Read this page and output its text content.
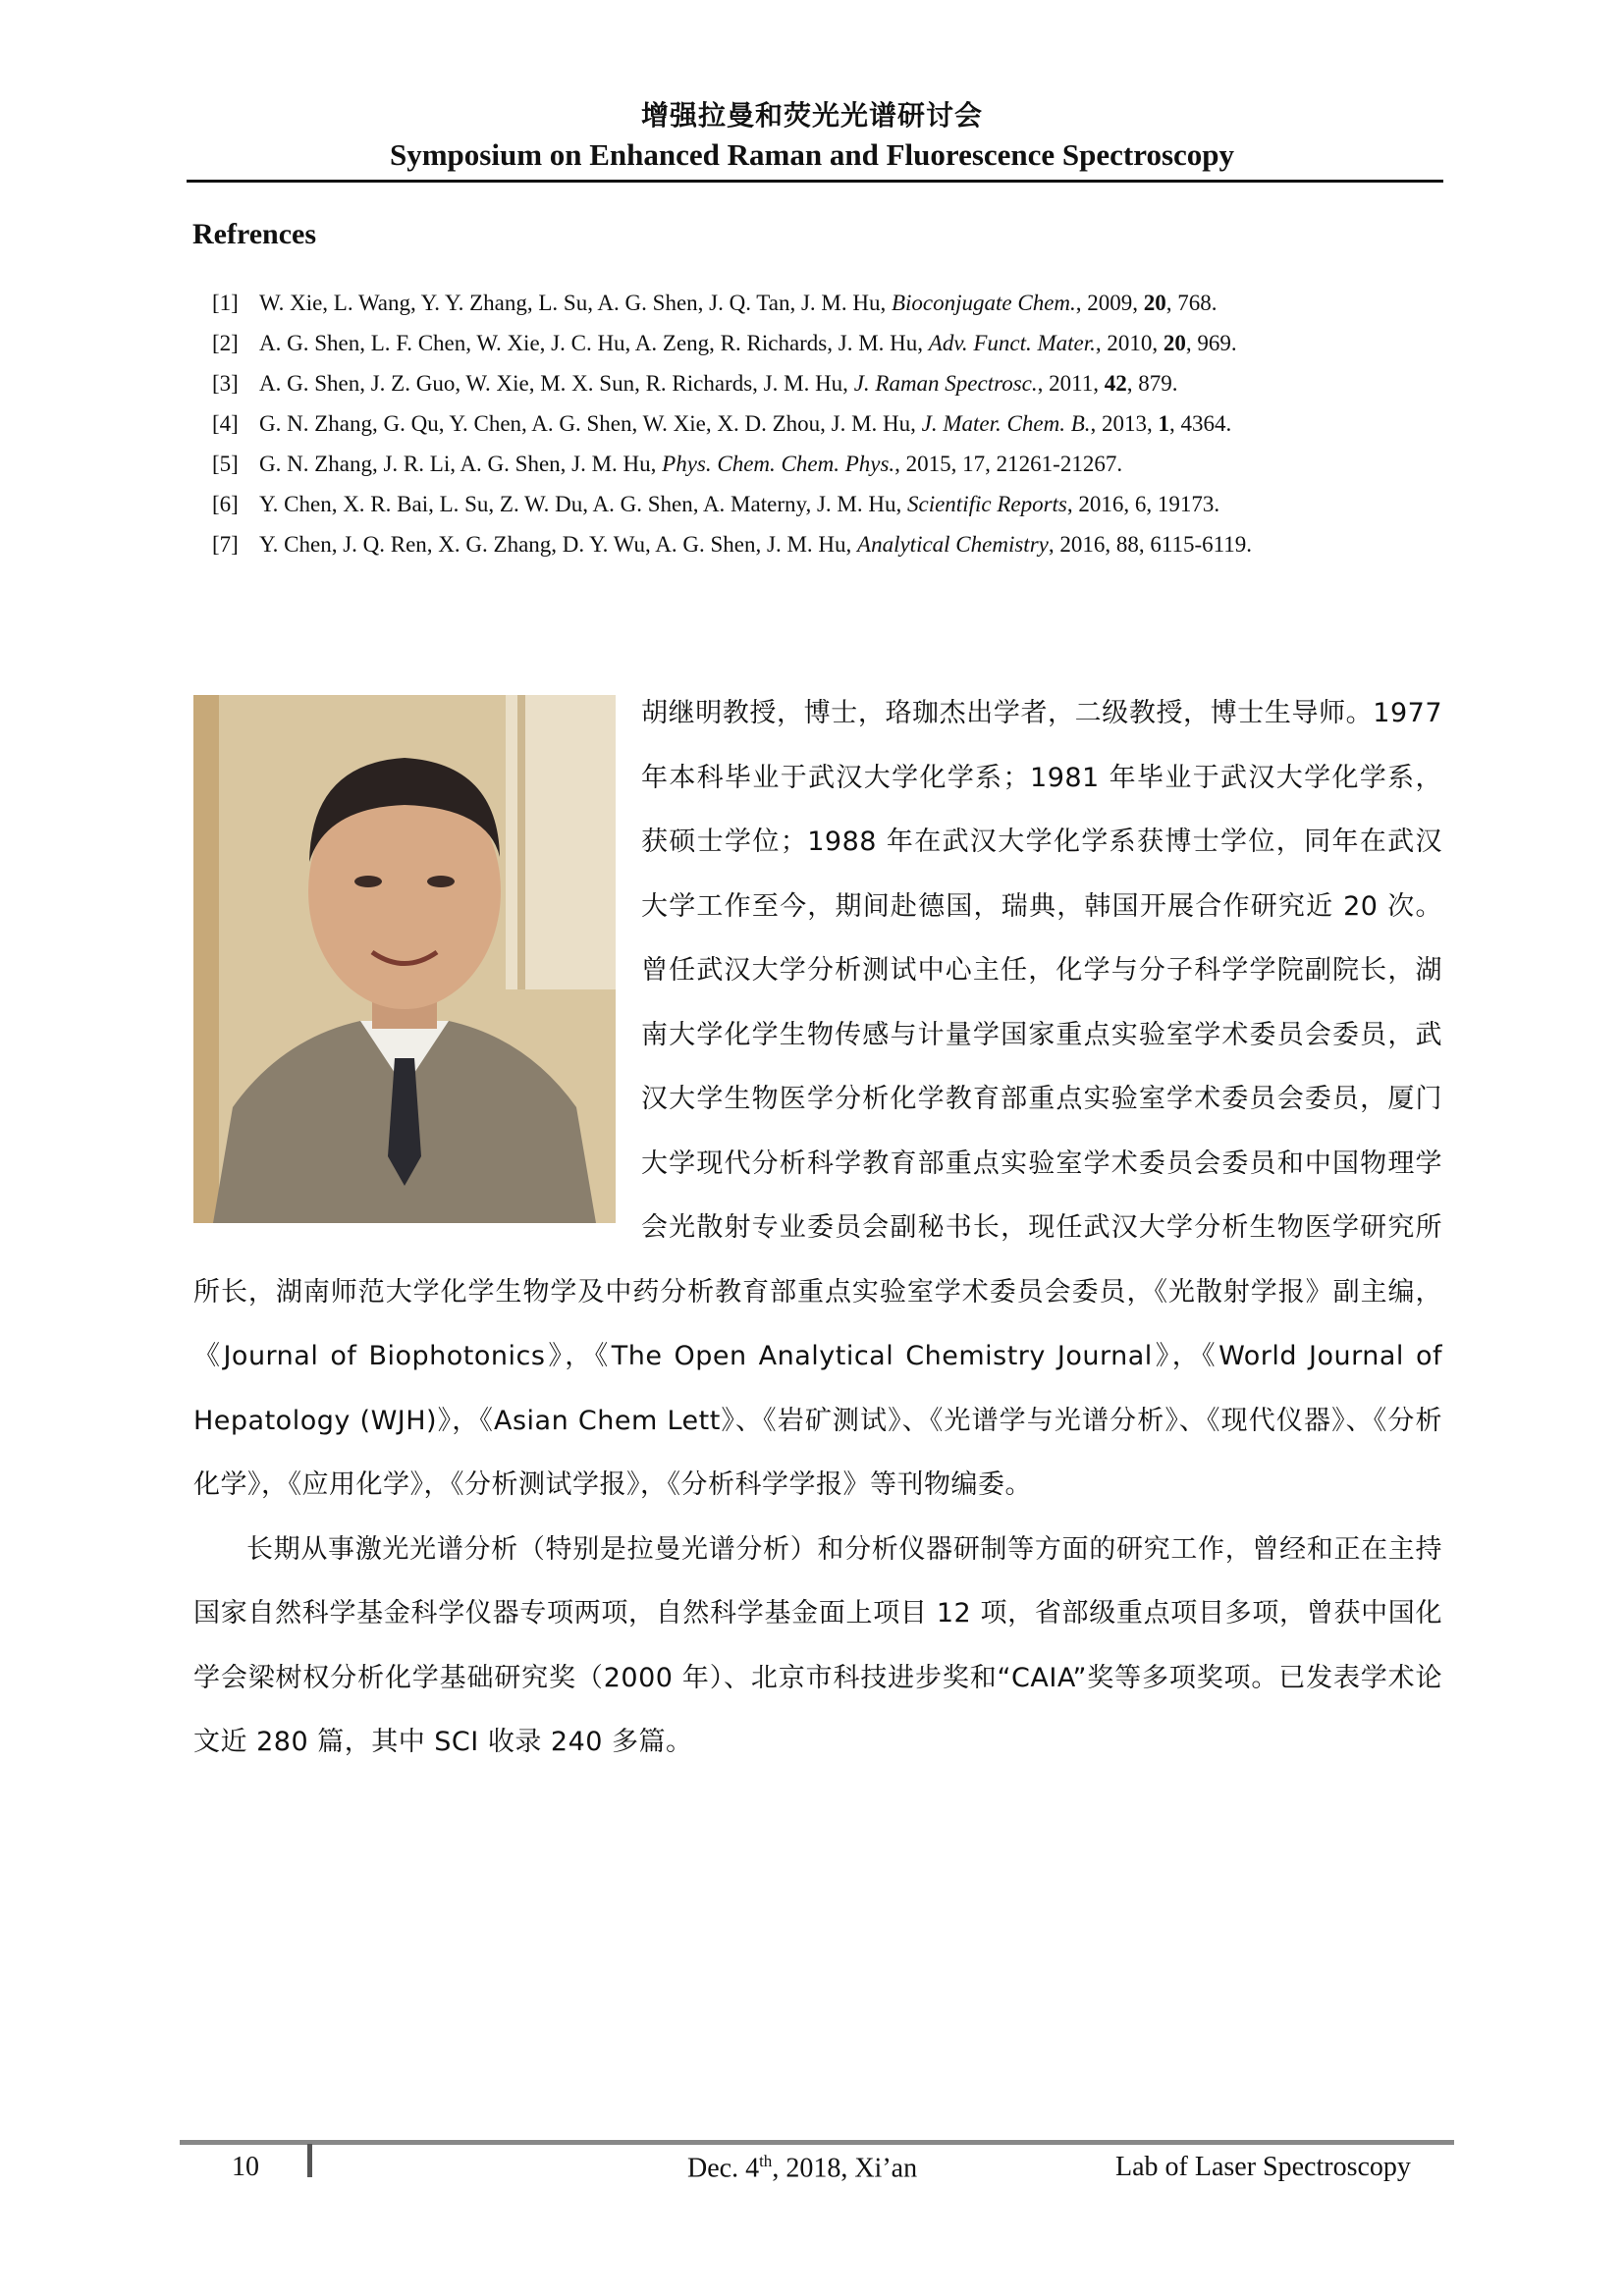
增强拉曼和荧光光谱研讨会
Symposium on Enhanced Raman and Fluorescence Spectroscopy
Refrences
[1] W. Xie, L. Wang, Y. Y. Zhang, L. Su, A. G. Shen, J. Q. Tan, J. M. Hu, Bioconjugate Chem., 2009, 20, 768.
[2] A. G. Shen, L. F. Chen, W. Xie, J. C. Hu, A. Zeng, R. Richards, J. M. Hu, Adv. Funct. Mater., 2010, 20, 969.
[3] A. G. Shen, J. Z. Guo, W. Xie, M. X. Sun, R. Richards, J. M. Hu, J. Raman Spectrosc., 2011, 42, 879.
[4] G. N. Zhang, G. Qu, Y. Chen, A. G. Shen, W. Xie, X. D. Zhou, J. M. Hu, J. Mater. Chem. B., 2013, 1, 4364.
[5] G. N. Zhang, J. R. Li, A. G. Shen, J. M. Hu, Phys. Chem. Chem. Phys., 2015, 17, 21261-21267.
[6] Y. Chen, X. R. Bai, L. Su, Z. W. Du, A. G. Shen, A. Materny, J. M. Hu, Scientific Reports, 2016, 6, 19173.
[7] Y. Chen, J. Q. Ren, X. G. Zhang, D. Y. Wu, A. G. Shen, J. M. Hu, Analytical Chemistry, 2016, 88, 6115-6119.

胡继明教授，博士，珞珈杰出学者，二级教授，博士生导师。1977 年本科毕业于武汉大学化学系；1981 年毕业于武汉大学化学系，获硕士学位；1988 年在武汉大学化学系获博士学位，同年在武汉大学工作至今，期间赴德国，瑞典，韩国开展合作研究近 20 次。曾任武汉大学分析测试中心主任，化学与分子科学学院副院长，湖南大学化学生物传感与计量学国家重点实验室学术委员会委员，武汉大学生物医学分析化学教育部重点实验室学术委员会委员，厦门大学现代分析科学教育部重点实验室学术委员会委员和中国物理学会光散射专业委员会副秘书长，现任武汉大学分析生物医学研究所所长，湖南师范大学化学生物学及中药分析教育部重点实验室学术委员会委员，《光散射学报》副主编，《Journal of Biophotonics》，《The Open Analytical Chemistry Journal》，《World Journal of Hepatology (WJH)》，《Asian Chem Lett》、《岩矿测试》、《光谱学与光谱分析》、《现代仪器》、《分析化学》，《应用化学》，《分析测试学报》，《分析科学学报》等刊物编委。

长期从事激光光谱分析（特别是拉曼光谱分析）和分析仪器研制等方面的研究工作，曾经和正在主持国家自然科学基金科学仪器专项两项，自然科学基金面上项目 12 项，省部级重点项目多项，曾获中国化学会梁树权分析化学基础研究奖（2000 年）、北京市科技进步奖和“CAIA”奖等多项奖项。已发表学术论文近 280 篇，其中 SCI 收录 240 多篇。

10	Dec. 4th, 2018, Xi’an	Lab of Laser Spectroscopy
